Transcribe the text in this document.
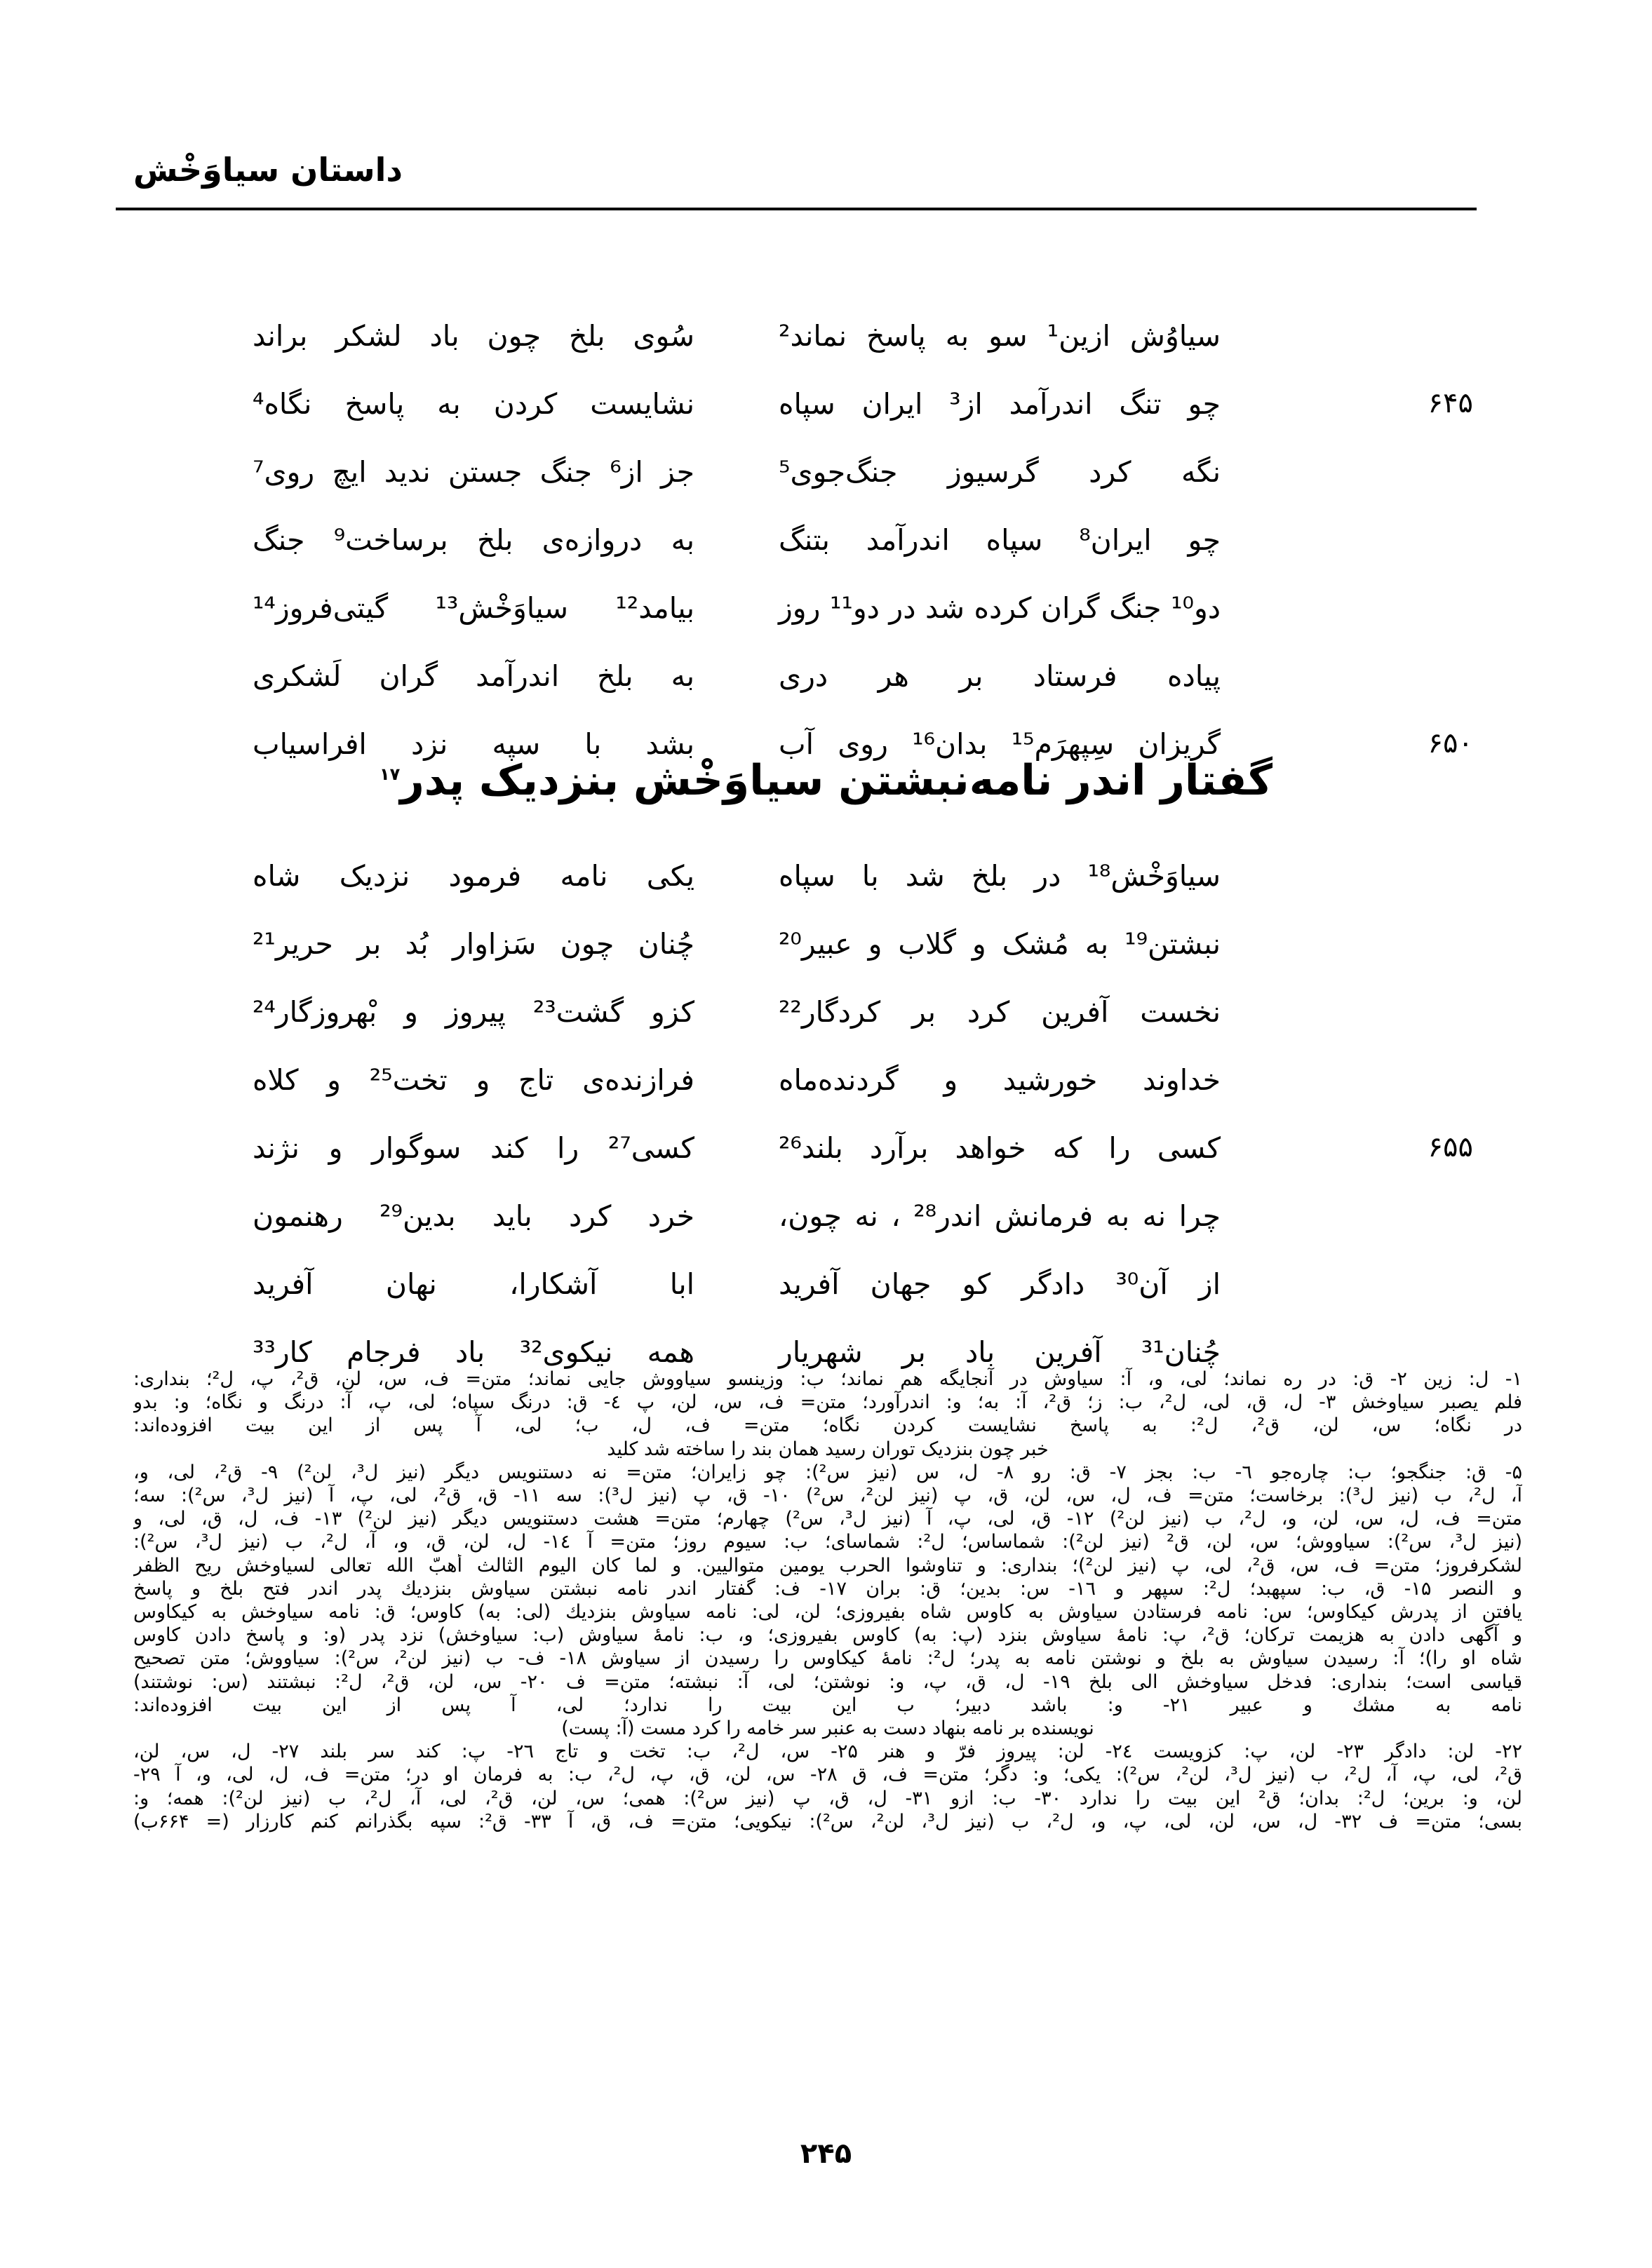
داستان سیاوَخْش
سیاوُش ازین¹ سو به پاسخ نماند²
سُوی بلخ چون باد لشکر براند
۶۴۵
چو تنگ اندرآمد از³ ایران سپاه
نشایست کردن به پاسخ نگاه⁴
نگه کرد گرسیوز جنگ‌جوی⁵
جز از⁶ جنگ جستن ندید ایچ روی⁷
چو ایران⁸ سپاه اندرآمد بتنگ
به دروازه‌ی بلخ برساخت⁹ جنگ
دو¹⁰ جنگ گران کرده شد در دو¹¹ روز
بیامد¹² سیاوَخْش¹³ گیتی‌فروز¹⁴
پیاده فرستاد بر هر دری
به بلخ اندرآمد گران لَشکری
۶۵۰
گریزان سِپهرَم¹⁵ بدان¹⁶ روی آب
بشد با سپه نزد افراسیاب
گفتار اندر نامه‌نبشتن سیاوَخْش بنزدیک پدر$^{۱۷}$
سیاوَخْش¹⁸ در بلخ شد با سپاه
یکی نامه فرمود نزدیک شاه
نبشتن¹⁹ به مُشک و گلاب و عبیر²⁰
چُنان چون سَزاوار بُد بر حریر²¹
نخست آفرین کرد بر کردگار²²
کزو گشت²³ پیروز و بْهروزگار²⁴
خداوند خورشید و گردنده‌ماه
فرازنده‌ی تاج و تخت²⁵ و کلاه
۶۵۵
کسی را که خواهد برآرد بلند²⁶
کسی²⁷ را کند سوگوار و نژند
چرا نه به فرمانش اندر²⁸ ، نه چون،
خرد کرد باید بدین²⁹ رهنمون
از آن³⁰ دادگر کو جهان آفرید
ابا آشکارا، نهان آفرید
چُنان³¹ آفرین باد بر شهریار
همه نیکوی³² باد فرجام کار³³
۱- ل: زین ۲- ق: در ره نماند؛ لی، و، آ: سیاوش در آنجایگه هم نماند؛ ب: وزینسو سیاووش جایی نماند؛ متن= ف، س، لن، ق²، پ، ل²؛ بنداری:
فلم یصبر سیاوخش ۳- ل، ق، لی، ل²، ب: ز؛ ق²، آ: به؛ و: اندرآورد؛ متن= ف، س، لن، پ ٤- ق: درنگ سپاه؛ لی، پ، آ: درنگ و نگاه؛ و: بدو
در نگاه؛ س، لن، ق²، ل²: به پاسخ نشایست کردن نگاه؛ متن= ف، ل، ب؛ لی، آ پس از این بیت افزوده‌اند:
خبر چون بنزدیک توران رسید همان بند را ساخته شد کلید
۵- ق: جنگجو؛ ب: چاره‌جو ٦- ب: بجز ۷- ق: رو ۸- ل، س (نیز س²): چو زایران؛ متن= نه دستنویس دیگر (نیز ل³، لن²) ۹- ق²، لی، و،
آ، ل²، ب (نیز ل³): برخاست؛ متن= ف، ل، س، لن، ق، پ (نیز لن²، س²) ۱۰- ق، پ (نیز ل³): سه ۱۱- ق، ق²، لی، پ، آ (نیز ل³، س²): سه؛
متن= ف، ل، س، لن، و، ل²، ب (نیز لن²) ۱۲- ق، لی، پ، آ (نیز ل³، س²) چهارم؛ متن= هشت دستنویس دیگر (نیز لن²) ۱۳- ف، ل، ق، لی، و
(نیز ل³، س²): سیاووش؛ س، لن، ق² (نیز لن²): شماساس؛ ل²: شماسای؛ ب: سیوم روز؛ متن= آ ١٤- ل، لن، ق، و، آ، ل²، ب (نیز ل³، س²):
لشکرفروز؛ متن= ف، س، ق²، لی، پ (نیز لن²)؛ بنداری: و تناوشوا الحرب یومین متوالیین. و لما کان الیوم الثالث أهبّ الله تعالی لسیاوخش ریح الظفر
و النصر ۱۵- ق، ب: سپهبد؛ ل²: سپهر و ۱٦- س: بدین؛ ق: بران ۱۷- ف: گفتار اندر نامه نبشتن سیاوش بنزدیك پدر اندر فتح بلخ و پاسخ
یافتن از پدرش کیکاوس؛ س: نامه فرستادن سیاوش به کاوس شاه بفیروزی؛ لن، لی: نامه سیاوش بنزدیك (لی: به) کاوس؛ ق: نامه سیاوخش به کیکاوس
و آگهی دادن به هزیمت ترکان؛ ق²، پ: نامهٔ سیاوش بنزد (پ: به) کاوس بفیروزی؛ و، ب: نامهٔ سیاوش (ب: سیاوخش) نزد پدر (و: و پاسخ دادن کاوس
شاه او را)؛ آ: رسیدن سیاوش به بلخ و نوشتن نامه به پدر؛ ل²: نامهٔ کیکاوس را رسیدن از سیاوش ۱۸- ف- ب (نیز لن²، س²): سیاووش؛ متن تصحیح
قیاسی است؛ بنداری: فدخل سیاوخش الی بلخ ۱۹- ل، ق، پ، و: نوشتن؛ لی، آ: نبشته؛ متن= ف ۲۰- س، لن، ق²، ل²: نبشتند (س: نوشتند)
نامه به مشك و عبیر ۲۱- و: باشد دبیر؛ ب این بیت را ندارد؛ لی، آ پس از این بیت افزوده‌اند:
نویسنده بر نامه بنهاد دست به عنبر سر خامه را کرد مست (آ: پست)
۲۲- لن: دادگر ۲۳- لن، پ: کزویست ۲٤- لن: پیروز فرّ و هنر ۲۵- س، ل²، ب: تخت و تاج ۲٦- پ: کند سر بلند ۲۷- ل، س، لن،
ق²، لی، پ، آ، ل²، ب (نیز ل³، لن²، س²): یکی؛ و: دگر؛ متن= ف، ق ۲۸- س، لن، ق، پ، ل²، ب: به فرمان او در؛ متن= ف، ل، لی، و، آ ۲۹-
لن، و: برین؛ ل²: بدان؛ ق² این بیت را ندارد ۳۰- ب: ازو ۳۱- ل، ق، پ (نیز س²): همی؛ س، لن، ق²، لی، آ، ل²، ب (نیز لن²): همه؛ و:
بسی؛ متن= ف ۳۲- ل، س، لن، لی، پ، و، ل²، ب (نیز ل³، لن²، س²): نیکویی؛ متن= ف، ق، آ ۳۳- ق²: سپه بگذرانم کنم کارزار (= ۶۶۴ب)
۲۴۵
